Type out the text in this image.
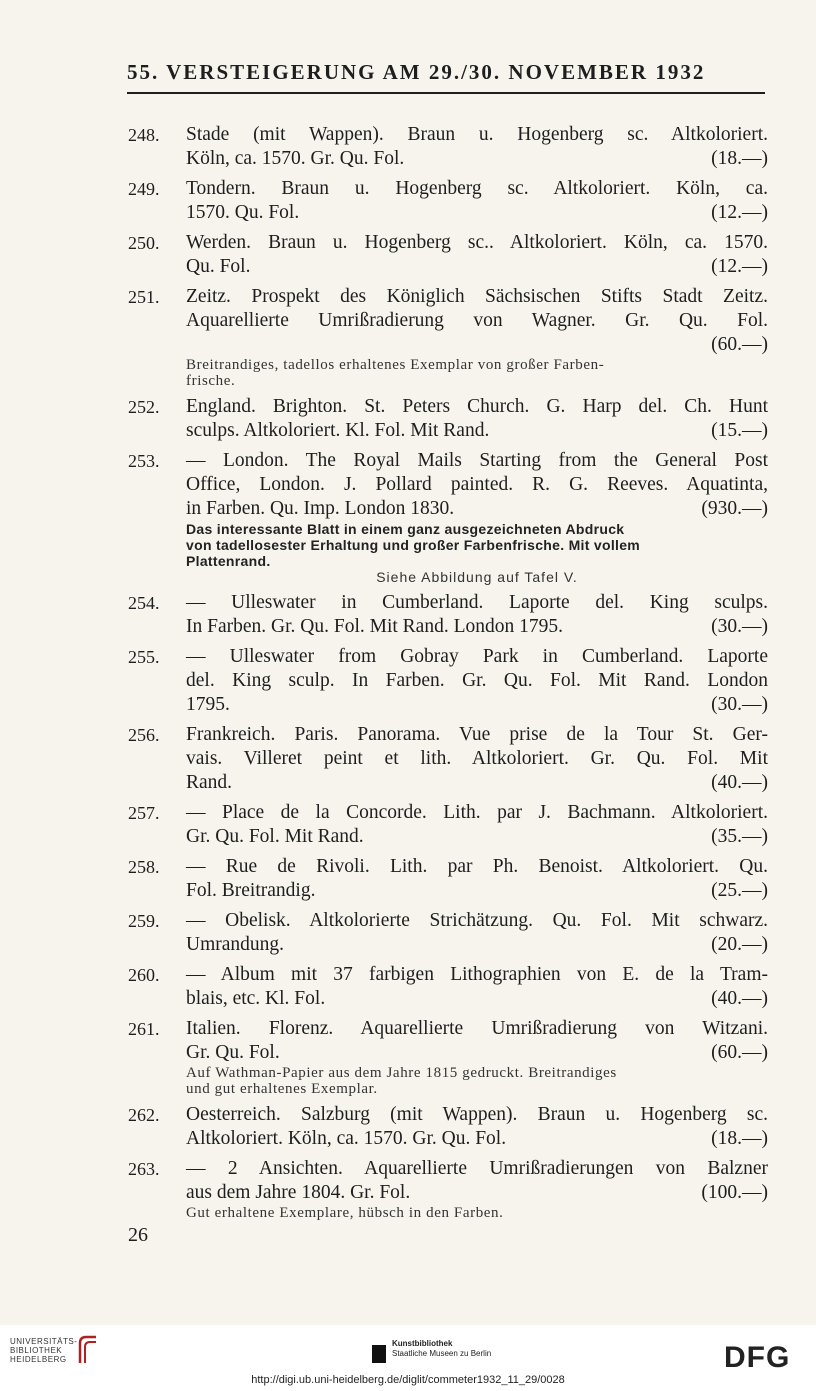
55. VERSTEIGERUNG AM 29./30. NOVEMBER 1932
248. Stade (mit Wappen). Braun u. Hogenberg sc. Altkoloriert.
Köln, ca. 1570. Gr. Qu. Fol.	(18.—)
249. Tondern. Braun u. Hogenberg sc. Altkoloriert. Köln, ca.
1570. Qu. Fol.	(12.—)
250. Werden. Braun u. Hogenberg sc.. Altkoloriert. Köln, ca. 1570.
Qu. Fol.	(12.—)
251. Zeitz. Prospekt des Königlich Sächsischen Stifts Stadt Zeitz.
Aquarellierte Umrißradierung von Wagner. Gr. Qu. Fol.
(60.—)
Breitrandiges, tadellos erhaltenes Exemplar von großer Farben-
frische.
252. England. Brighton. St. Peters Church. G. Harp del. Ch. Hunt
sculps. Altkoloriert. Kl. Fol. Mit Rand.	(15.—)
253. — London. The Royal Mails Starting from the General Post
Office, London. J. Pollard painted. R. G. Reeves. Aquatinta,
in Farben. Qu. Imp. London 1830.	(930.—)
Das interessante Blatt in einem ganz ausgezeichneten Abdruck
von tadellosester Erhaltung und großer Farbenfrische. Mit vollem
Plattenrand.
Siehe Abbildung auf Tafel V.
254. — Ulleswater in Cumberland. Laporte del. King sculps.
In Farben. Gr. Qu. Fol. Mit Rand. London 1795.	(30.—)
255. — Ulleswater from Gobray Park in Cumberland. Laporte
del. King sculp. In Farben. Gr. Qu. Fol. Mit Rand. London
1795.	(30.—)
256. Frankreich. Paris. Panorama. Vue prise de la Tour St. Ger-
vais. Villeret peint et lith. Altkoloriert. Gr. Qu. Fol. Mit
Rand.	(40.—)
257. — Place de la Concorde. Lith. par J. Bachmann. Altkoloriert.
Gr. Qu. Fol. Mit Rand.	(35.—)
258. — Rue de Rivoli. Lith. par Ph. Benoist. Altkoloriert. Qu.
Fol. Breitrandig.	(25.—)
259. — Obelisk. Altkolorierte Strichätzung. Qu. Fol. Mit schwarz.
Umrandung.	(20.—)
260. — Album mit 37 farbigen Lithographien von E. de la Tram-
blais, etc. Kl. Fol.	(40.—)
261. Italien. Florenz. Aquarellierte Umrißradierung von Witzani.
Gr. Qu. Fol.	(60.—)
Auf Wathman-Papier aus dem Jahre 1815 gedruckt. Breitrandiges
und gut erhaltenes Exemplar.
262. Oesterreich. Salzburg (mit Wappen). Braun u. Hogenberg sc.
Altkoloriert. Köln, ca. 1570. Gr. Qu. Fol.	(18.—)
263. — 2 Ansichten. Aquarellierte Umrißradierungen von Balzner
aus dem Jahre 1804. Gr. Fol.	(100.—)
Gut erhaltene Exemplare, hübsch in den Farben.
26
UNIVERSITÄTS-
BIBLIOTHEK
HEIDELBERG
Kunstbibliothek
Staatliche Museen zu Berlin	DFG
http://digi.ub.uni-heidelberg.de/diglit/commeter1932_11_29/0028
